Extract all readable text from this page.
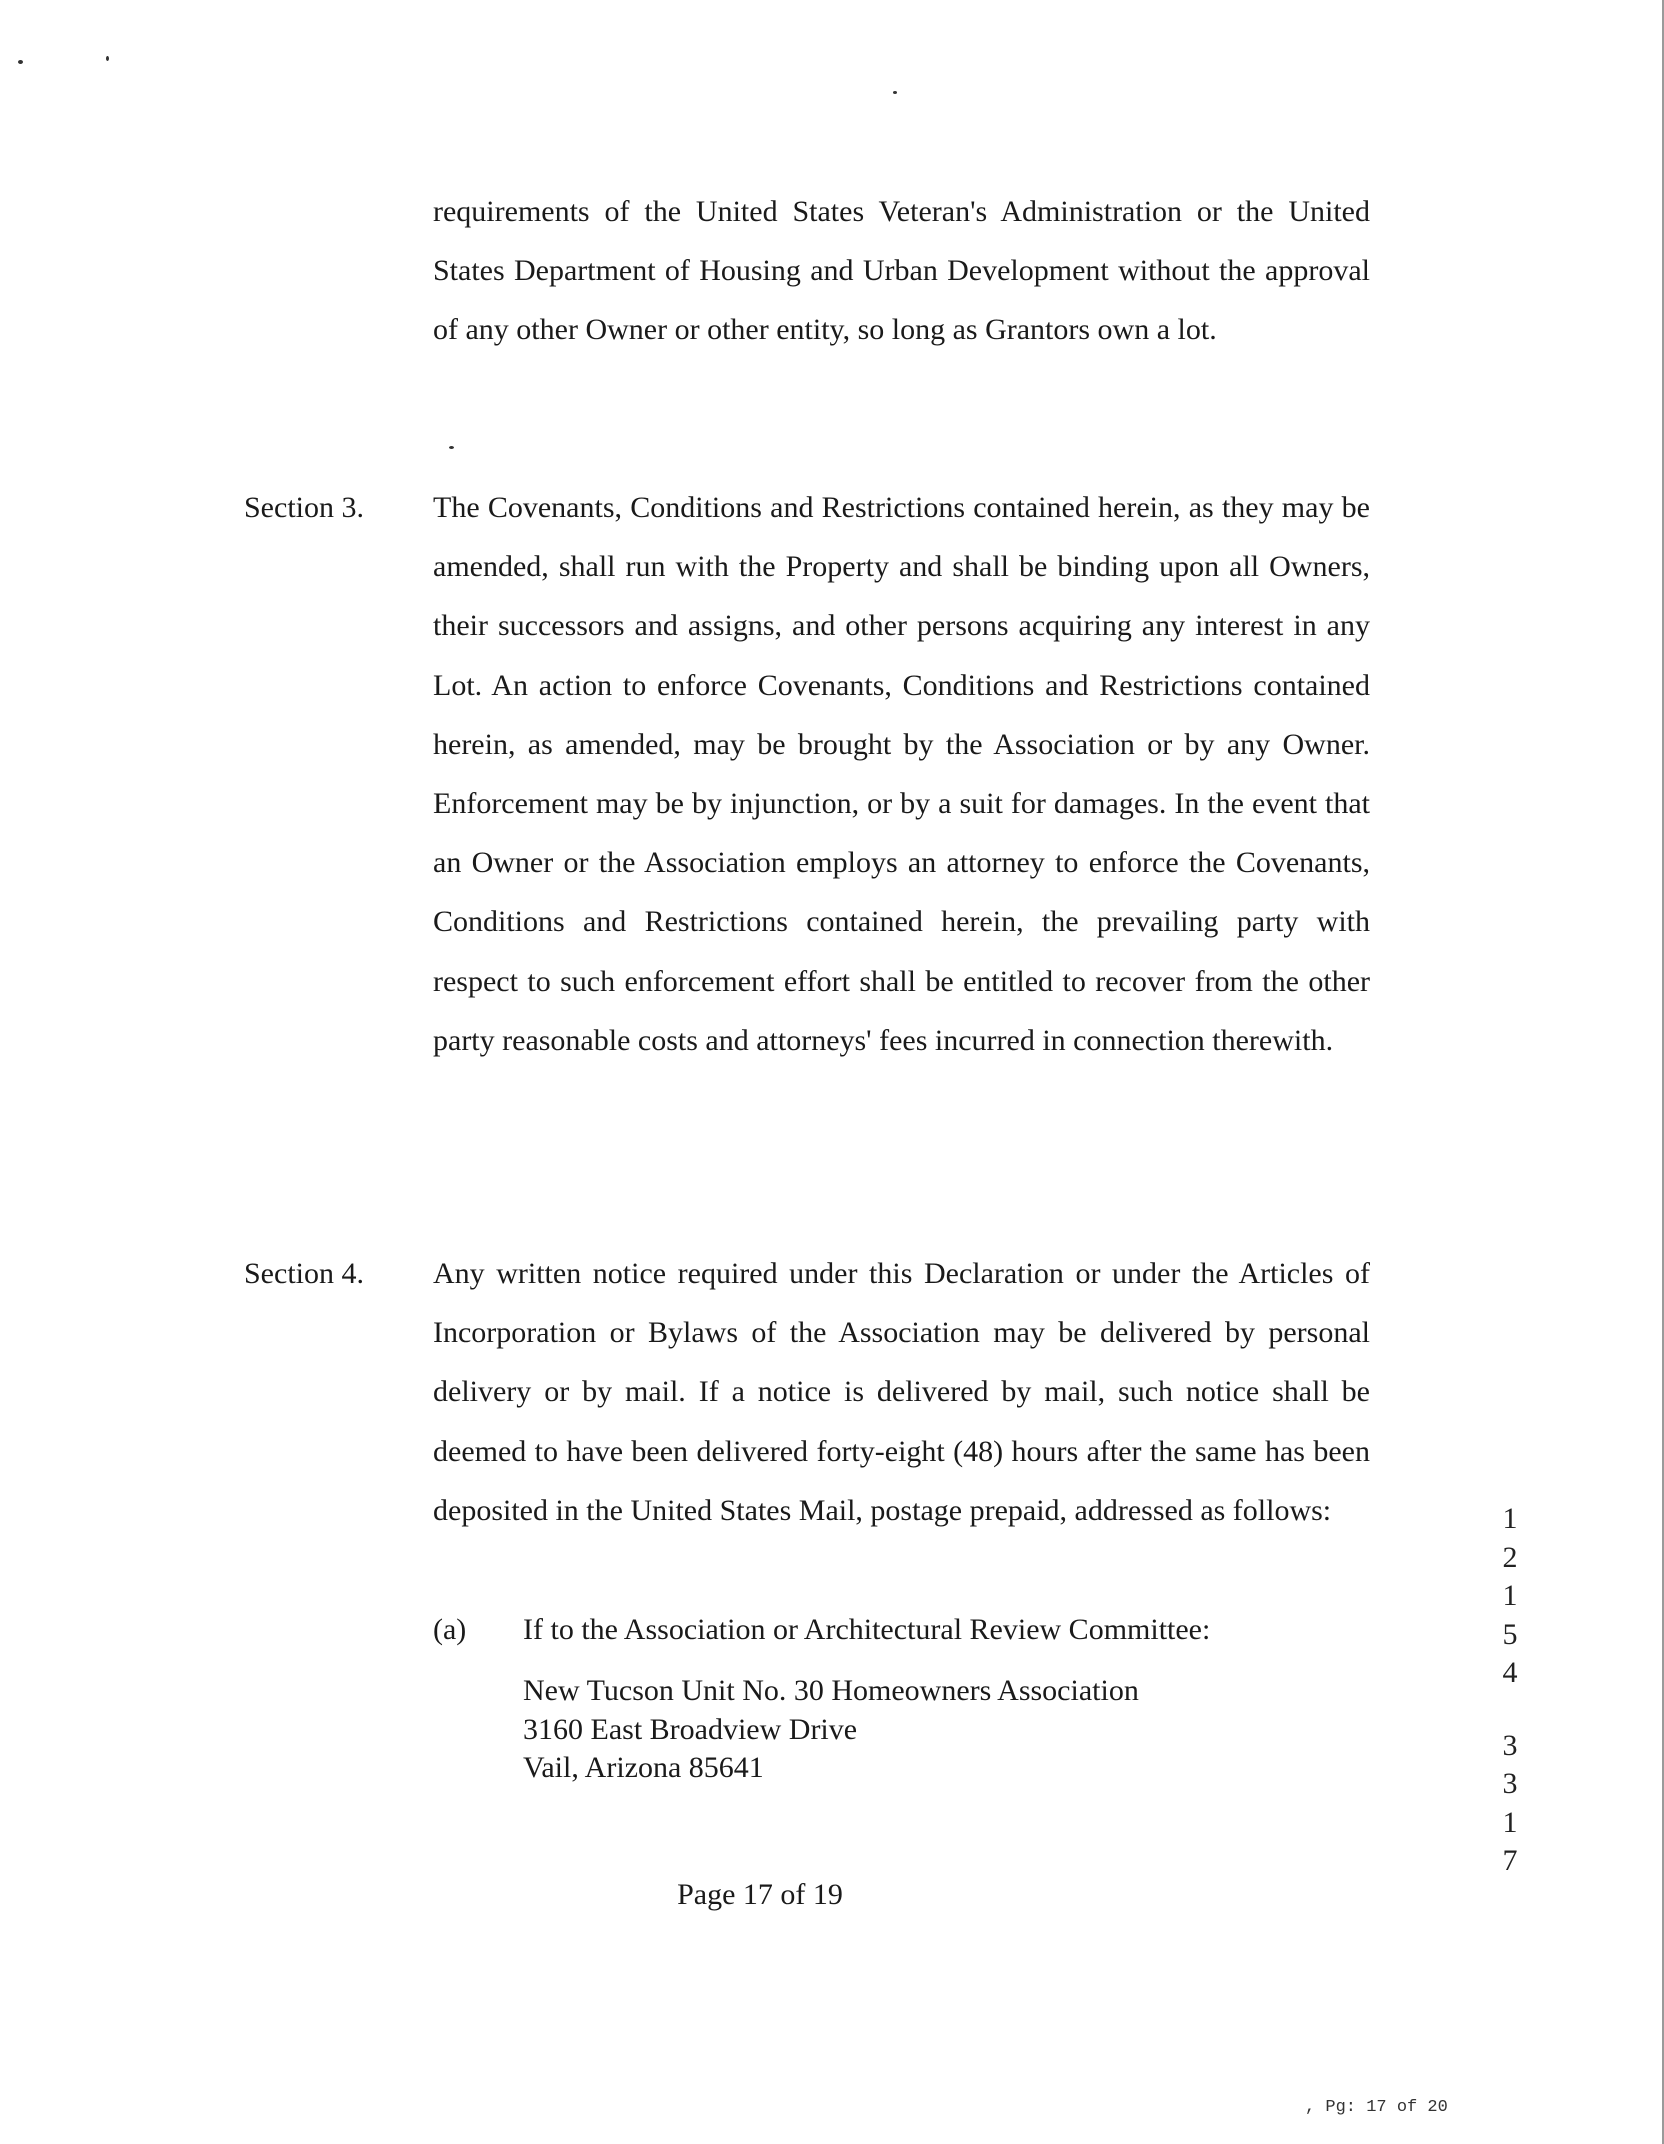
requirements of the United States Veteran's Administration or the United States Department of Housing and Urban Development without the approval of any other Owner or other entity, so long as Grantors own a lot.

Section 3. The Covenants, Conditions and Restrictions contained herein, as they may be amended, shall run with the Property and shall be binding upon all Owners, their successors and assigns, and other persons acquiring any interest in any Lot. An action to enforce Covenants, Conditions and Restrictions contained herein, as amended, may be brought by the Association or by any Owner. Enforcement may be by injunction, or by a suit for damages. In the event that an Owner or the Association employs an attorney to enforce the Covenants, Conditions and Restrictions contained herein, the prevailing party with respect to such enforcement effort shall be entitled to recover from the other party reasonable costs and attorneys' fees incurred in connection therewith.

Section 4. Any written notice required under this Declaration or under the Articles of Incorporation or Bylaws of the Association may be delivered by personal delivery or by mail. If a notice is delivered by mail, such notice shall be deemed to have been delivered forty-eight (48) hours after the same has been deposited in the United States Mail, postage prepaid, addressed as follows:

(a) If to the Association or Architectural Review Committee:
New Tucson Unit No. 30 Homeowners Association
3160 East Broadview Drive
Vail, Arizona 85641
Page 17 of 19
1
2
1
5
4
3
3
1
7
, Pg: 17 of 20
